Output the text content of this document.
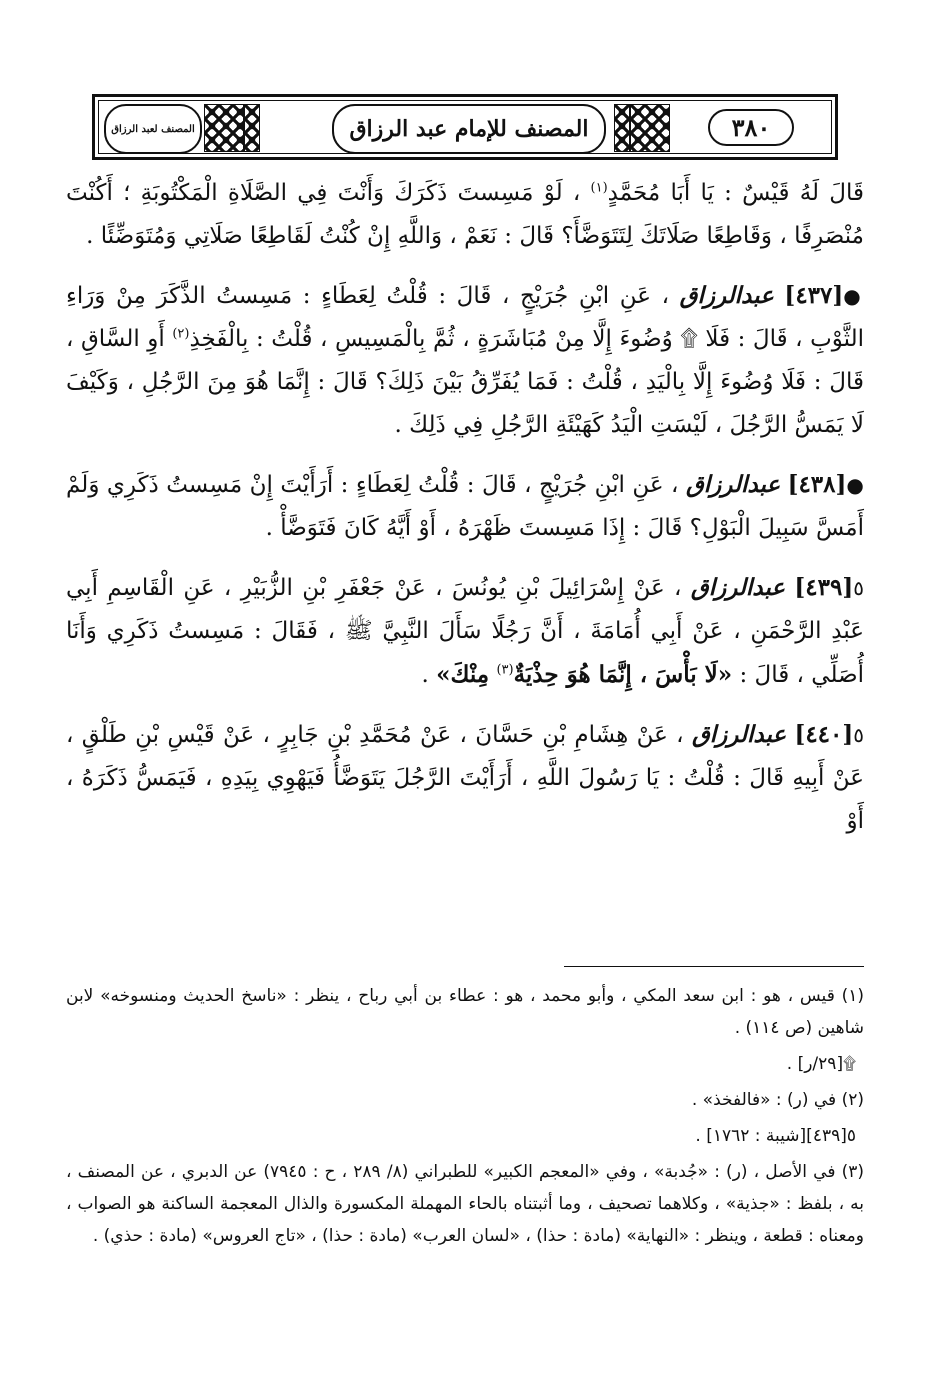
٣٨٠
المصنف للإمام عبد الرزاق
المصنف لعبد الرزاق

قَالَ لَهُ قَيْسٌ : يَا أَبَا مُحَمَّدٍ$^{(١)}$ ، لَوْ مَسِستَ ذَكَرَكَ وَأَنْتَ فِي الصَّلَاةِ الْمَكْتُوبَةِ ؛ أَكُنْتَ مُنْصَرِفًا ، وَقَاطِعًا صَلَاتَكَ لِتَتَوَضَّأَ؟ قَالَ : نَعَمْ ، وَاللَّهِ إِنْ كُنْتُ لَقَاطِعًا صَلَاتِي وَمُتَوَضِّئًا .

●[٤٣٧] عبدالرزاق ، عَنِ ابْنِ جُرَيْجٍ ، قَالَ : قُلْتُ لِعَطَاءٍ : مَسِستُ الذَّكَرَ مِنْ وَرَاءِ الثَّوْبِ ، قَالَ : فَلَا ۩ وُضُوءَ إِلَّا مِنْ مُبَاشَرَةٍ ، ثُمَّ بِالْمَسِيسِ ، قُلْتُ : بِالْفَخِذِ$^{(٢)}$ أَوِ السَّاقِ ، قَالَ : فَلَا وُضُوءَ إِلَّا بِالْيَدِ ، قُلْتُ : فَمَا يُفَرِّقُ بَيْنَ ذَلِكَ؟ قَالَ : إِنَّمَا هُوَ مِنَ الرَّجُلِ ، وَكَيْفَ لَا يَمَسُّ الرَّجُلَ ، لَيْسَتِ الْيَدُ كَهَيْئَةِ الرَّجُلِ فِي ذَلِكَ .

●[٤٣٨] عبدالرزاق ، عَنِ ابْنِ جُرَيْجٍ ، قَالَ : قُلْتُ لِعَطَاءٍ : أَرَأَيْتَ إِنْ مَسِستُ ذَكَرِي وَلَمْ أَمَسَّ سَبِيلَ الْبَوْلِ؟ قَالَ : إِذَا مَسِستَ ظَهْرَهُ ، أَوْ أَيَّهُ كَانَ فَتَوَضَّأْ .

٥[٤٣٩] عبدالرزاق ، عَنْ إِسْرَائِيلَ بْنِ يُونُسَ ، عَنْ جَعْفَرِ بْنِ الزُّبَيْرِ ، عَنِ الْقَاسِمِ أَبِي عَبْدِ الرَّحْمَنِ ، عَنْ أَبِي أُمَامَةَ ، أَنَّ رَجُلًا سَأَلَ النَّبِيَّ ﷺ ، فَقَالَ : مَسِستُ ذَكَرِي وَأَنَا أُصَلِّي ، قَالَ : «لَا بَأْسَ ، إِنَّمَا هُوَ حِذْيَةٌ$^{(٣)}$ مِنْكَ» .

٥[٤٤٠] عبدالرزاق ، عَنْ هِشَامِ بْنِ حَسَّانَ ، عَنْ مُحَمَّدِ بْنِ جَابِرٍ ، عَنْ قَيْسِ بْنِ طَلْقٍ ، عَنْ أَبِيهِ قَالَ : قُلْتُ : يَا رَسُولَ اللَّهِ ، أَرَأَيْتَ الرَّجُلَ يَتَوَضَّأُ فَيَهْوِي بِيَدِهِ ، فَيَمَسُّ ذَكَرَهُ ، أَوْ

(١) قيس ، هو : ابن سعد المكي ، وأبو محمد ، هو : عطاء بن أبي رباح ، ينظر : «ناسخ الحديث ومنسوخه» لابن شاهين (ص ١١٤) .

۩[٢٩/ر] .

(٢) في (ر) : «فالفخذ» .

٥[٤٣٩][شيبة : ١٧٦٢] .

(٣) في الأصل ، (ر) : «جُدبة» ، وفي «المعجم الكبير» للطبراني (٨/ ٢٨٩ ، ح : ٧٩٤٥) عن الدبري ، عن المصنف ، به ، بلفظ : «جذية» ، وكلاهما تصحيف ، وما أثبتناه بالحاء المهملة المكسورة والذال المعجمة الساكنة هو الصواب ، ومعناه : قطعة ، وينظر : «النهاية» (مادة : حذا) ، «لسان العرب» (مادة : حذا) ، «تاج العروس» (مادة : حذي) .
